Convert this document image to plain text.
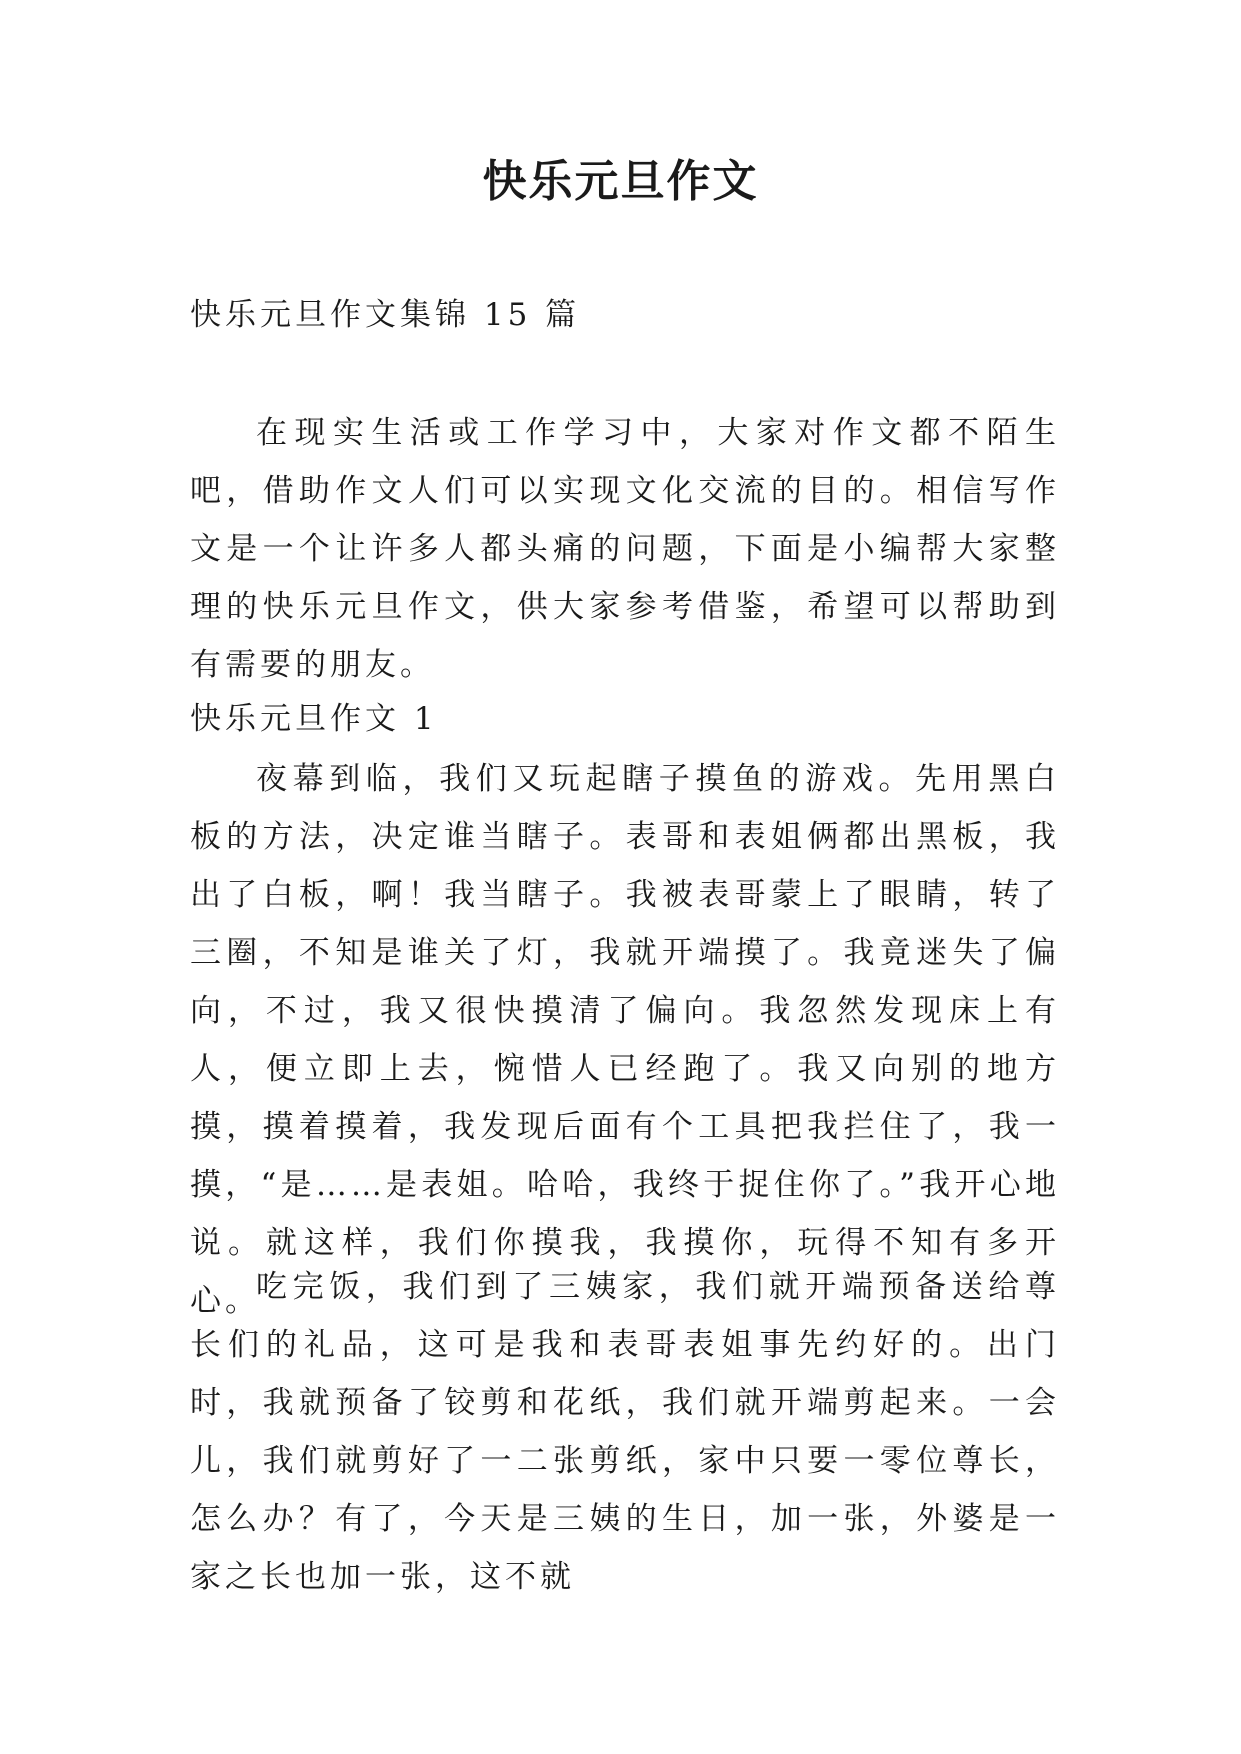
快乐元旦作文
快乐元旦作文集锦 15 篇
在现实生活或工作学习中，大家对作文都不陌生吧，借助作文人们可以实现文化交流的目的。相信写作文是一个让许多人都头痛的问题，下面是小编帮大家整理的快乐元旦作文，供大家参考借鉴，希望可以帮助到有需要的朋友。
快乐元旦作文 1
夜幕到临，我们又玩起瞎子摸鱼的游戏。先用黑白板的方法，决定谁当瞎子。表哥和表姐俩都出黑板，我出了白板，啊！我当瞎子。我被表哥蒙上了眼睛，转了三圈，不知是谁关了灯，我就开端摸了。我竟迷失了偏向，不过，我又很快摸清了偏向。我忽然发现床上有人，便立即上去，惋惜人已经跑了。我又向别的地方摸，摸着摸着，我发现后面有个工具把我拦住了，我一摸，“是……是表姐。哈哈，我终于捉住你了。”我开心地说。就这样，我们你摸我，我摸你，玩得不知有多开心。
吃完饭，我们到了三姨家，我们就开端预备送给尊长们的礼品，这可是我和表哥表姐事先约好的。出门时，我就预备了铰剪和花纸，我们就开端剪起来。一会儿，我们就剪好了一二张剪纸，家中只要一零位尊长，怎么办？有了，今天是三姨的生日，加一张，外婆是一家之长也加一张，这不就
